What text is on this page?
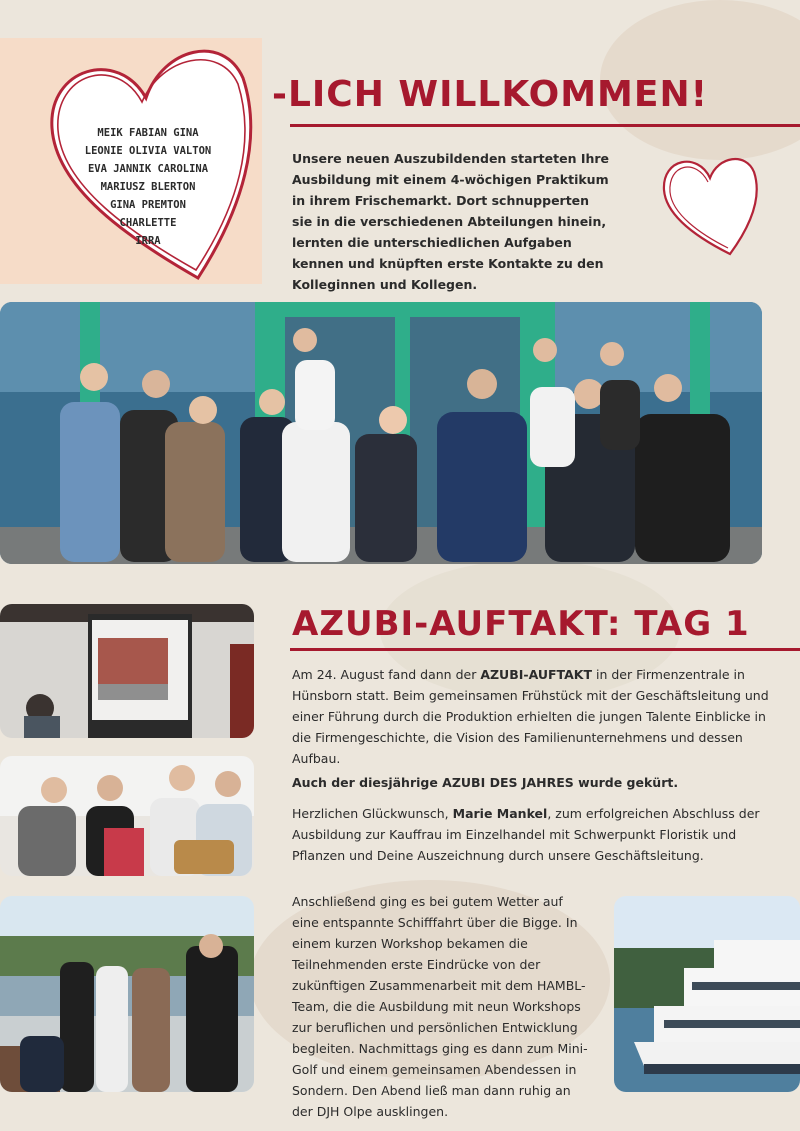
MEIK FABIAN GINA
LEONIE OLIVIA VALTON
EVA JANNIK CAROLINA
MARIUSZ BLERTON
GINA PREMTON
CHARLETTE
IRRA
-LICH WILLKOMMEN!

Unsere neuen Auszubildenden starteten Ihre Ausbildung mit einem 4-wöchigen Praktikum in ihrem Frischemarkt. Dort schnupperten sie in die verschiedenen Abteilungen hinein, lernten die unterschiedlichen Aufgaben kennen und knüpften erste Kontakte zu den Kolleginnen und Kollegen.

AZUBI-AUFTAKT: TAG 1

Am 24. August fand dann der AZUBI-AUFTAKT in der Firmenzentrale in Hünsborn statt. Beim gemeinsamen Frühstück mit der Geschäftsleitung und einer Führung durch die Produktion erhielten die jungen Talente Einblicke in die Firmengeschichte, die Vision des Familienunternehmens und dessen Aufbau.

Auch der diesjährige AZUBI DES JAHRES wurde gekürt.

Herzlichen Glückwunsch, Marie Mankel, zum erfolgreichen Abschluss der Ausbildung zur Kauffrau im Einzelhandel mit Schwerpunkt Floristik und Pflanzen und Deine Auszeichnung durch unsere Geschäftsleitung.

Anschließend ging es bei gutem Wetter auf eine entspannte Schifffahrt über die Bigge. In einem kurzen Workshop bekamen die Teilnehmenden erste Eindrücke von der zukünftigen Zusammenarbeit mit dem HAMBL-Team, die die Ausbildung mit neun Workshops zur beruflichen und persönlichen Entwicklung begleiten. Nachmittags ging es dann zum Mini-Golf und einem gemeinsamen Abendessen in Sondern. Den Abend ließ man dann ruhig an der DJH Olpe ausklingen.
